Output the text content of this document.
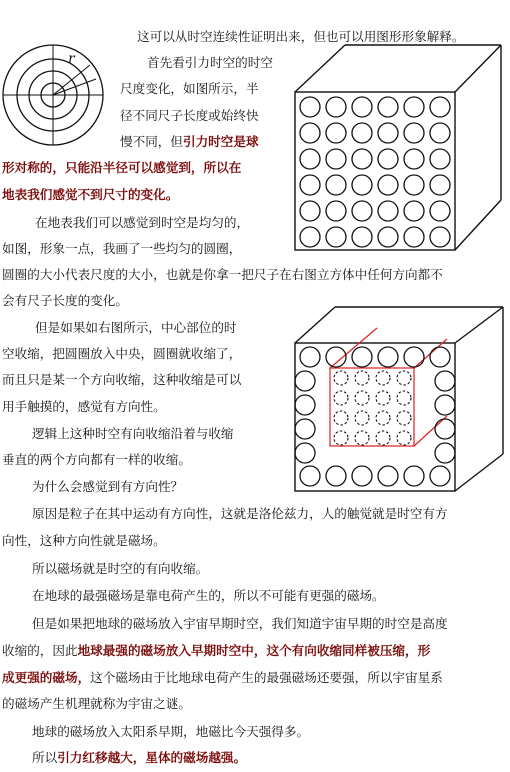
r
这可以从时空连续性证明出来，但也可以用图形形象解释。
首先看引力时空的时空
尺度变化，如图所示，半
径不同尺子长度或始终快
慢不同，但引力时空是球
形对称的，只能沿半径可以感觉到，所以在
地表我们感觉不到尺寸的变化。
在地表我们可以感觉到时空是均匀的，
如图，形象一点，我画了一些均匀的圆圈，
圆圈的大小代表尺度的大小，也就是你拿一把尺子在右图立方体中任何方向都不
会有尺子长度的变化。
但是如果如右图所示，中心部位的时
空收缩，把圆圈放入中央，圆圈就收缩了，
而且只是某一个方向收缩，这种收缩是可以
用手触摸的，感觉有方向性。
逻辑上这种时空有向收缩沿着与收缩
垂直的两个方向都有一样的收缩。
为什么会感觉到有方向性？
原因是粒子在其中运动有方向性，这就是洛伦兹力，人的触觉就是时空有方
向性，这种方向性就是磁场。
所以磁场就是时空的有向收缩。
在地球的最强磁场是靠电荷产生的，所以不可能有更强的磁场。
但是如果把地球的磁场放入宇宙早期时空，我们知道宇宙早期的时空是高度
收缩的，因此地球最强的磁场放入早期时空中，这个有向收缩同样被压缩，形
成更强的磁场，这个磁场由于比地球电荷产生的最强磁场还要强，所以宇宙星系
的磁场产生机理就称为宇宙之谜。
地球的磁场放入太阳系早期，地磁比今天强得多。
所以引力红移越大，星体的磁场越强。
